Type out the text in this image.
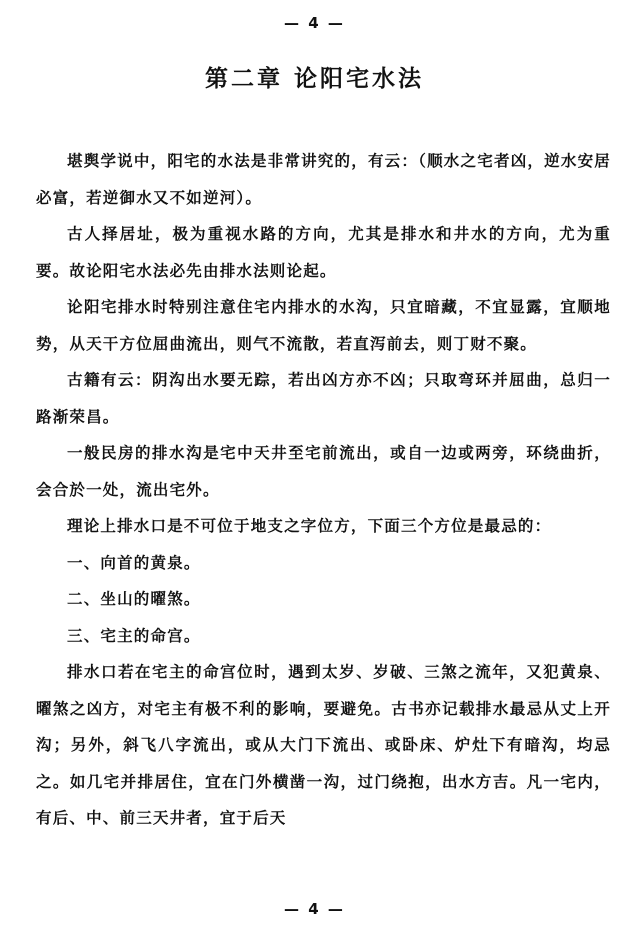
— 4 —
第二章 论阳宅水法

堪舆学说中，阳宅的水法是非常讲究的，有云：（顺水之宅者凶，逆水安居必富，若逆御水又不如逆河）。

古人择居址，极为重视水路的方向，尤其是排水和井水的方向，尤为重要。故论阳宅水法必先由排水法则论起。

论阳宅排水时特别注意住宅内排水的水沟，只宜暗藏，不宜显露，宜顺地势，从天干方位屈曲流出，则气不流散，若直泻前去，则丁财不聚。

古籍有云：阴沟出水要无踪，若出凶方亦不凶；只取弯环并屈曲，总归一路渐荣昌。

一般民房的排水沟是宅中天井至宅前流出，或自一边或两旁，环绕曲折，会合於一处，流出宅外。

理论上排水口是不可位于地支之字位方，下面三个方位是最忌的：

一、向首的黄泉。

二、坐山的曜煞。

三、宅主的命宫。

排水口若在宅主的命宫位时，遇到太岁、岁破、三煞之流年，又犯黄泉、曜煞之凶方，对宅主有极不利的影响，要避免。古书亦记载排水最忌从丈上开沟；另外，斜飞八字流出，或从大门下流出、或卧床、炉灶下有暗沟，均忌之。如几宅并排居住，宜在门外横凿一沟，过门绕抱，出水方吉。凡一宅内，有后、中、前三天井者，宜于后天

— 4 —
